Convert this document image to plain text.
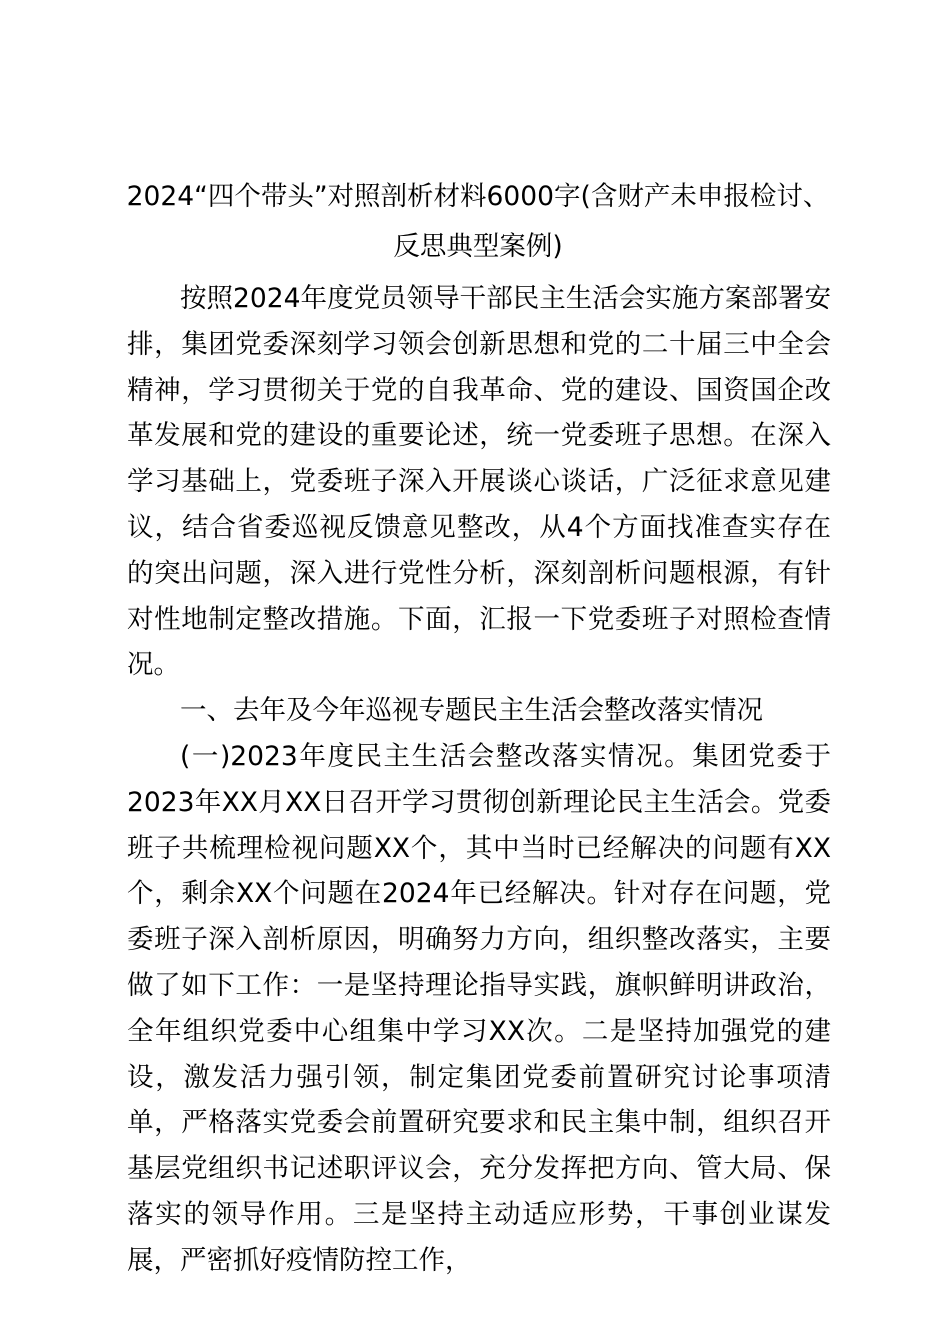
2024“四个带头”对照剖析材料6000字(含财产未申报检讨、反思典型案例)

按照2024年度党员领导干部民主生活会实施方案部署安排，集团党委深刻学习领会创新思想和党的二十届三中全会精神，学习贯彻关于党的自我革命、党的建设、国资国企改革发展和党的建设的重要论述，统一党委班子思想。在深入学习基础上，党委班子深入开展谈心谈话，广泛征求意见建议，结合省委巡视反馈意见整改，从4个方面找准查实存在的突出问题，深入进行党性分析，深刻剖析问题根源，有针对性地制定整改措施。下面，汇报一下党委班子对照检查情况。

一、去年及今年巡视专题民主生活会整改落实情况

(一)2023年度民主生活会整改落实情况。集团党委于2023年XX月XX日召开学习贯彻创新理论民主生活会。党委班子共梳理检视问题XX个，其中当时已经解决的问题有XX个，剩余XX个问题在2024年已经解决。针对存在问题，党委班子深入剖析原因，明确努力方向，组织整改落实，主要做了如下工作：一是坚持理论指导实践，旗帜鲜明讲政治，全年组织党委中心组集中学习XX次。二是坚持加强党的建设，激发活力强引领，制定集团党委前置研究讨论事项清单，严格落实党委会前置研究要求和民主集中制，组织召开基层党组织书记述职评议会，充分发挥把方向、管大局、保落实的领导作用。三是坚持主动适应形势，干事创业谋发展，严密抓好疫情防控工作，
